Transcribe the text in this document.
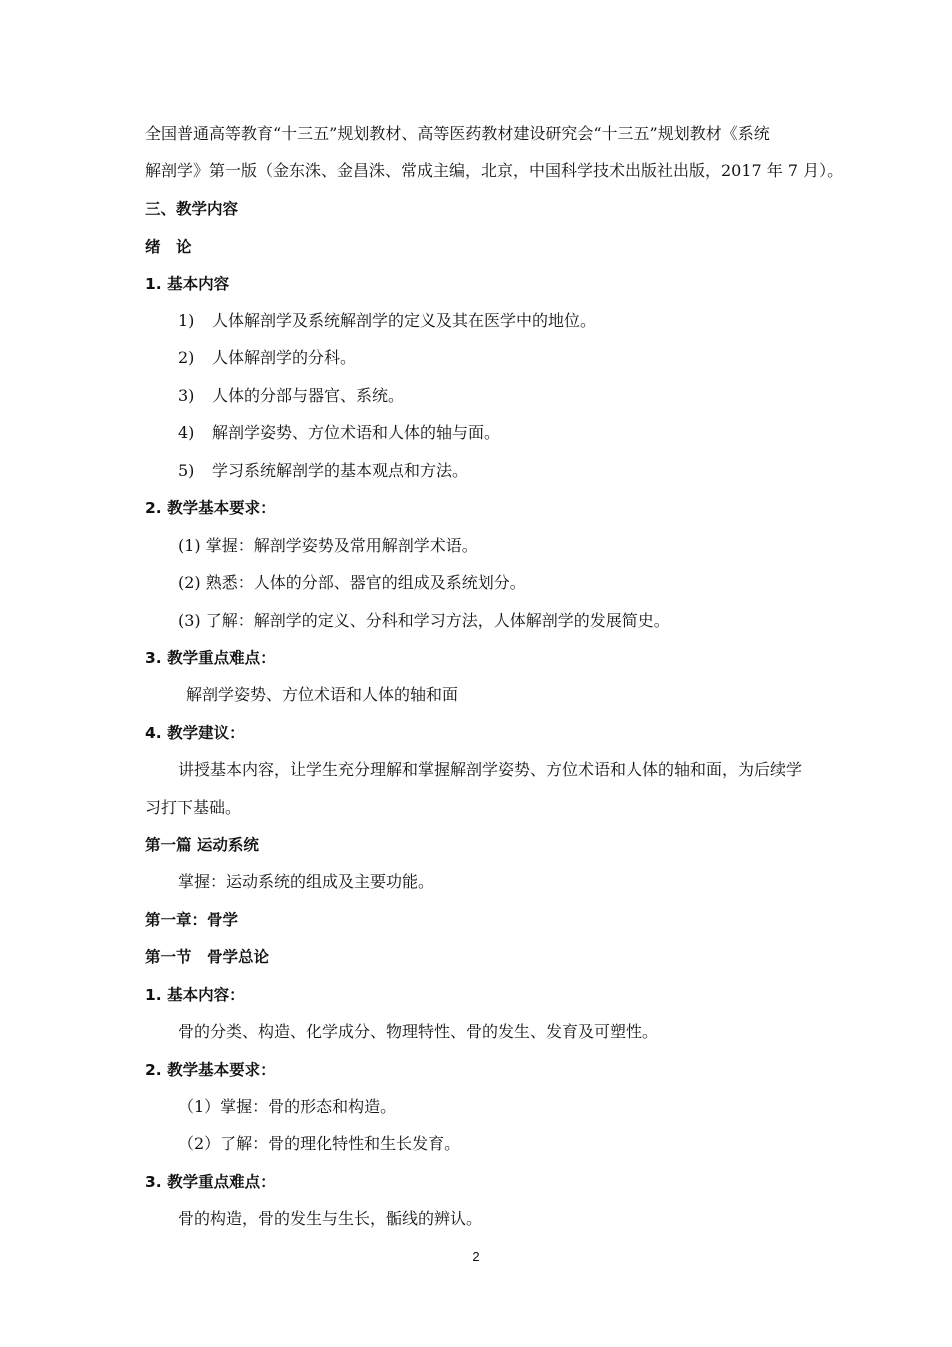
全国普通高等教育“十三五”规划教材、高等医药教材建设研究会“十三五”规划教材《系统
解剖学》第一版（金东洙、金昌洙、常成主编，北京，中国科学技术出版社出版，2017 年 7 月）。
三、教学内容
绪　论
1. 基本内容
1) 人体解剖学及系统解剖学的定义及其在医学中的地位。
2) 人体解剖学的分科。
3) 人体的分部与器官、系统。
4) 解剖学姿势、方位术语和人体的轴与面。
5) 学习系统解剖学的基本观点和方法。
2. 教学基本要求：
(1) 掌握：解剖学姿势及常用解剖学术语。
(2) 熟悉：人体的分部、器官的组成及系统划分。
(3) 了解：解剖学的定义、分科和学习方法，人体解剖学的发展简史。
3. 教学重点难点：
解剖学姿势、方位术语和人体的轴和面
4. 教学建议：
讲授基本内容，让学生充分理解和掌握解剖学姿势、方位术语和人体的轴和面，为后续学
习打下基础。
第一篇 运动系统
掌握：运动系统的组成及主要功能。
第一章：骨学
第一节　骨学总论
1. 基本内容：
骨的分类、构造、化学成分、物理特性、骨的发生、发育及可塑性。
2. 教学基本要求：
（1）掌握：骨的形态和构造。
（2）了解：骨的理化特性和生长发育。
3. 教学重点难点：
骨的构造，骨的发生与生长，骺线的辨认。
2
